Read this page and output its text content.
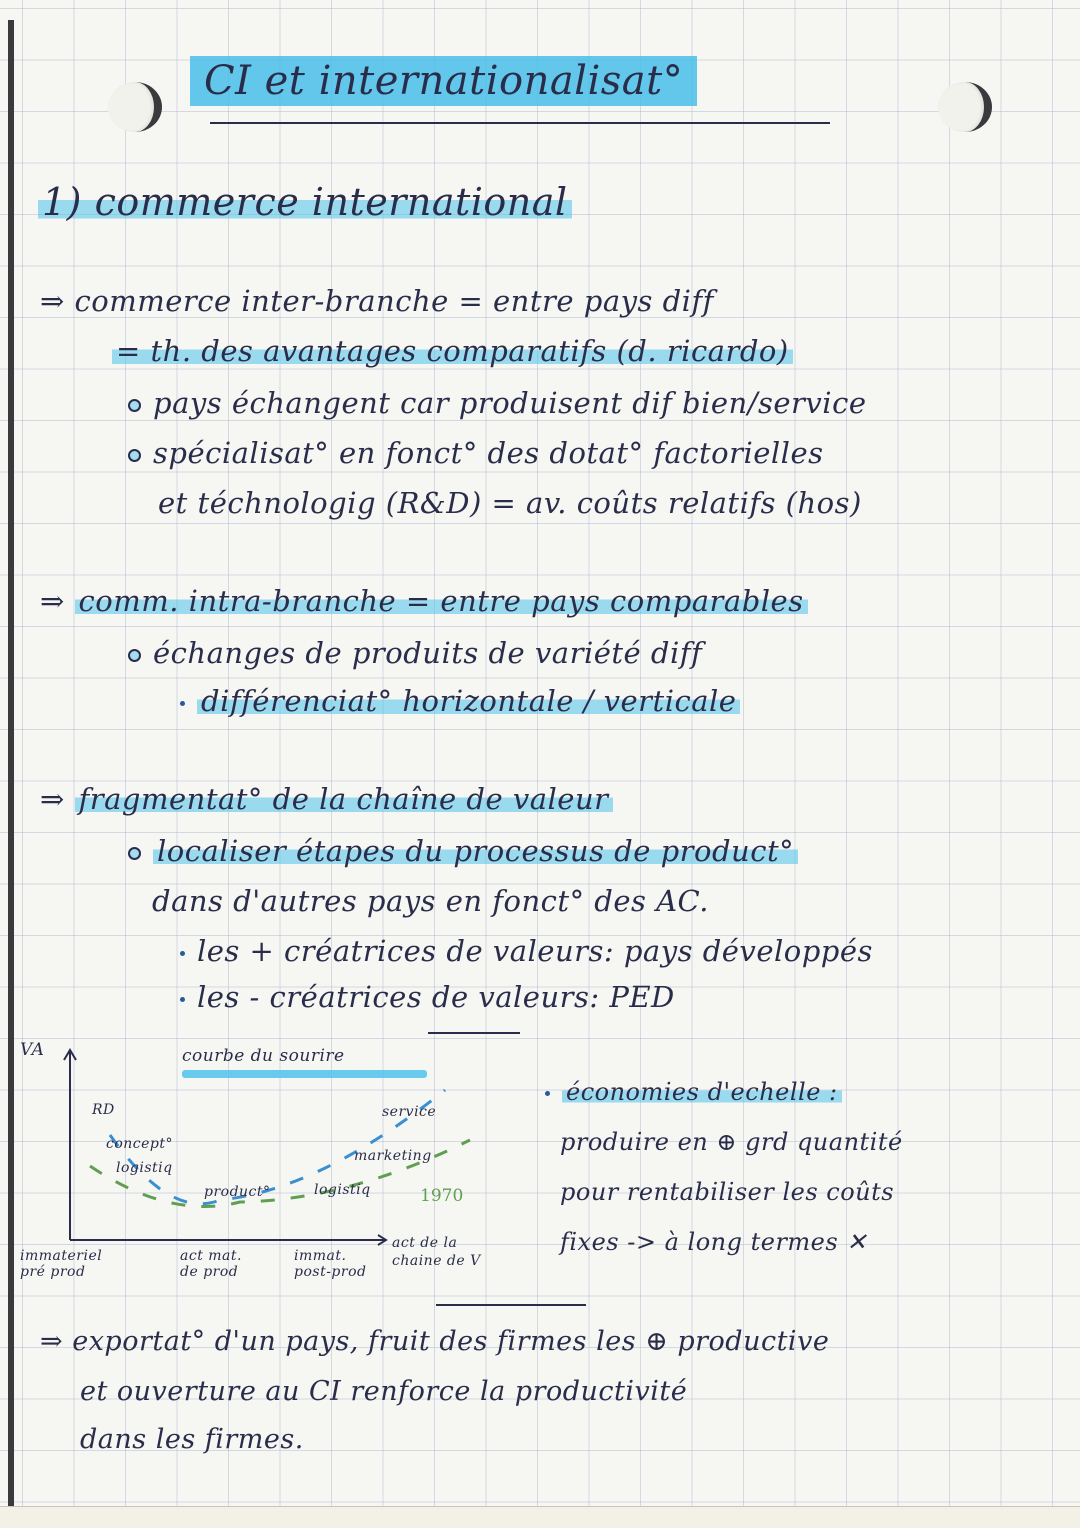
CI et internationalisat°
1) commerce international
⇒ commerce inter-branche = entre pays diff
= th. des avantages comparatifs (d. ricardo)
pays échangent car produisent dif bien/service
spécialisat° en fonct° des dotat° factorielles
et téchnologig (R&D) = av. coûts relatifs (hos)
⇒ comm. intra-branche = entre pays comparables
échanges de produits de variété diff
différenciat° horizontale / verticale
⇒ fragmentat° de la chaîne de valeur
localiser étapes du processus de product°
dans d'autres pays en fonct° des AC.
les + créatrices de valeurs: pays développés
les - créatrices de valeurs: PED
VA	courbe du sourire
RD
concept°
logistiq
product°	logistiq
marketing
service
1970
immateriel pré prod
act mat. de prod
immat. post-prod
act de la chaine de V
économies d'echelle :
produire en ⊕ grd quantité
pour rentabiliser les coûts
fixes -> à long termes ✕
⇒ exportat° d'un pays, fruit des firmes les ⊕ productive
et ouverture au CI renforce la productivité
dans les firmes.
